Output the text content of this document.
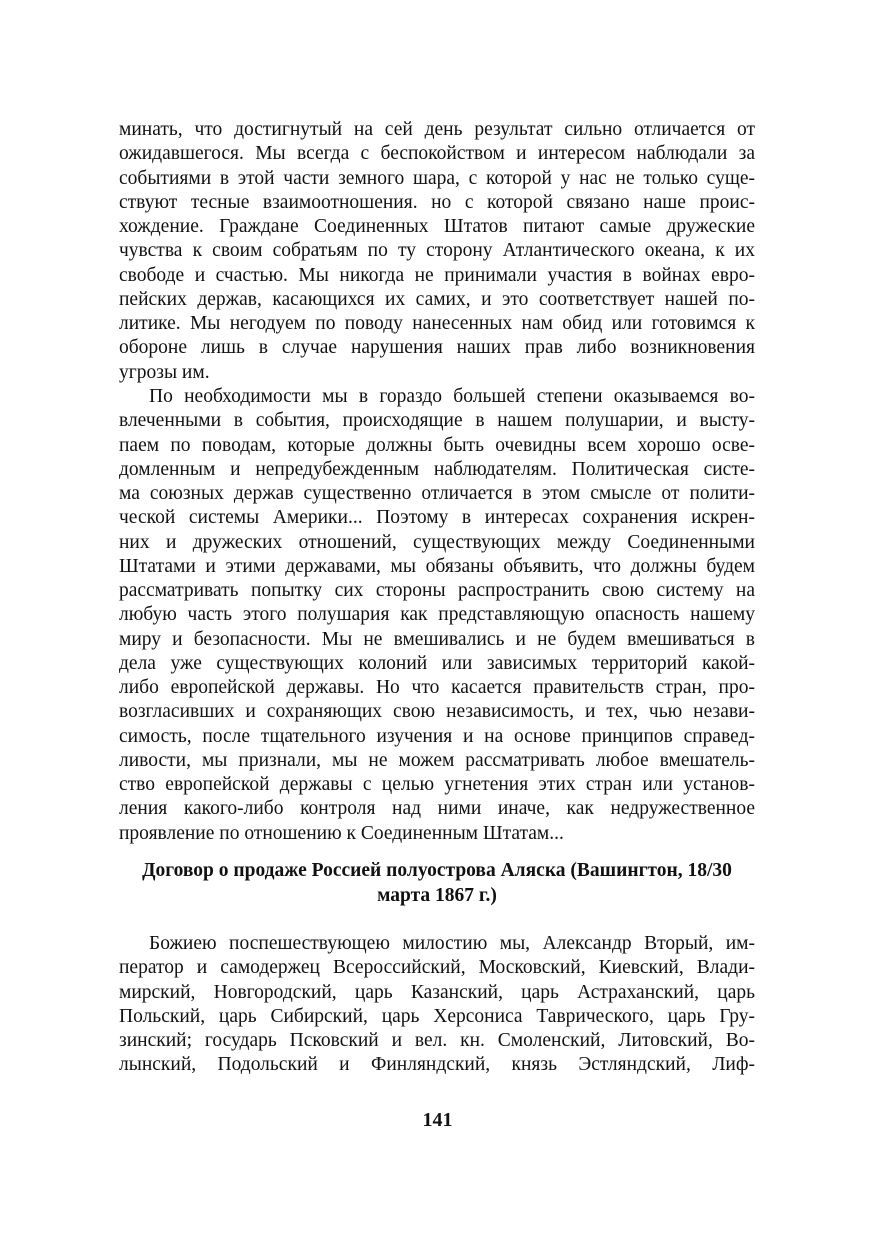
минать, что достигнутый на сей день результат сильно отличается от
ожидавшегося. Мы всегда с беспокойством и интересом наблюдали за
событиями в этой части земного шара, с которой у нас не только суще-
ствуют тесные взаимоотношения. но с которой связано наше проис-
хождение. Граждане Соединенных Штатов питают самые дружеские
чувства к своим собратьям по ту сторону Атлантического океана, к их
свободе и счастью. Мы никогда не принимали участия в войнах евро-
пейских держав, касающихся их самих, и это соответствует нашей по-
литике. Мы негодуем по поводу нанесенных нам обид или готовимся к
обороне лишь в случае нарушения наших прав либо возникновения
угрозы им.
По необходимости мы в гораздо большей степени оказываемся во-
влеченными в события, происходящие в нашем полушарии, и высту-
паем по поводам, которые должны быть очевидны всем хорошо осве-
домленным и непредубежденным наблюдателям. Политическая систе-
ма союзных держав существенно отличается в этом смысле от полити-
ческой системы Америки... Поэтому в интересах сохранения искрен-
них и дружеских отношений, существующих между Соединенными
Штатами и этими державами, мы обязаны объявить, что должны будем
рассматривать попытку сих стороны распространить свою систему на
любую часть этого полушария как представляющую опасность нашему
миру и безопасности. Мы не вмешивались и не будем вмешиваться в
дела уже существующих колоний или зависимых территорий какой-
либо европейской державы. Но что касается правительств стран, про-
возгласивших и сохраняющих свою независимость, и тех, чью незави-
симость, после тщательного изучения и на основе принципов справед-
ливости, мы признали, мы не можем рассматривать любое вмешатель-
ство европейской державы с целью угнетения этих стран или установ-
ления какого-либо контроля над ними иначе, как недружественное
проявление по отношению к Соединенным Штатам...
Договор о продаже Россией полуострова Аляска (Вашингтон, 18/30
марта 1867 г.)
Божиею поспешествующею милостию мы, Александр Вторый, им-
ператор и самодержец Всероссийский, Московский, Киевский, Влади-
мирский, Новгородский, царь Казанский, царь Астраханский, царь
Польский, царь Сибирский, царь Херсониса Таврического, царь Гру-
зинский; государь Псковский и вел. кн. Смоленский, Литовский, Во-
лынский, Подольский и Финляндский, князь Эстляндский, Лиф-
141
